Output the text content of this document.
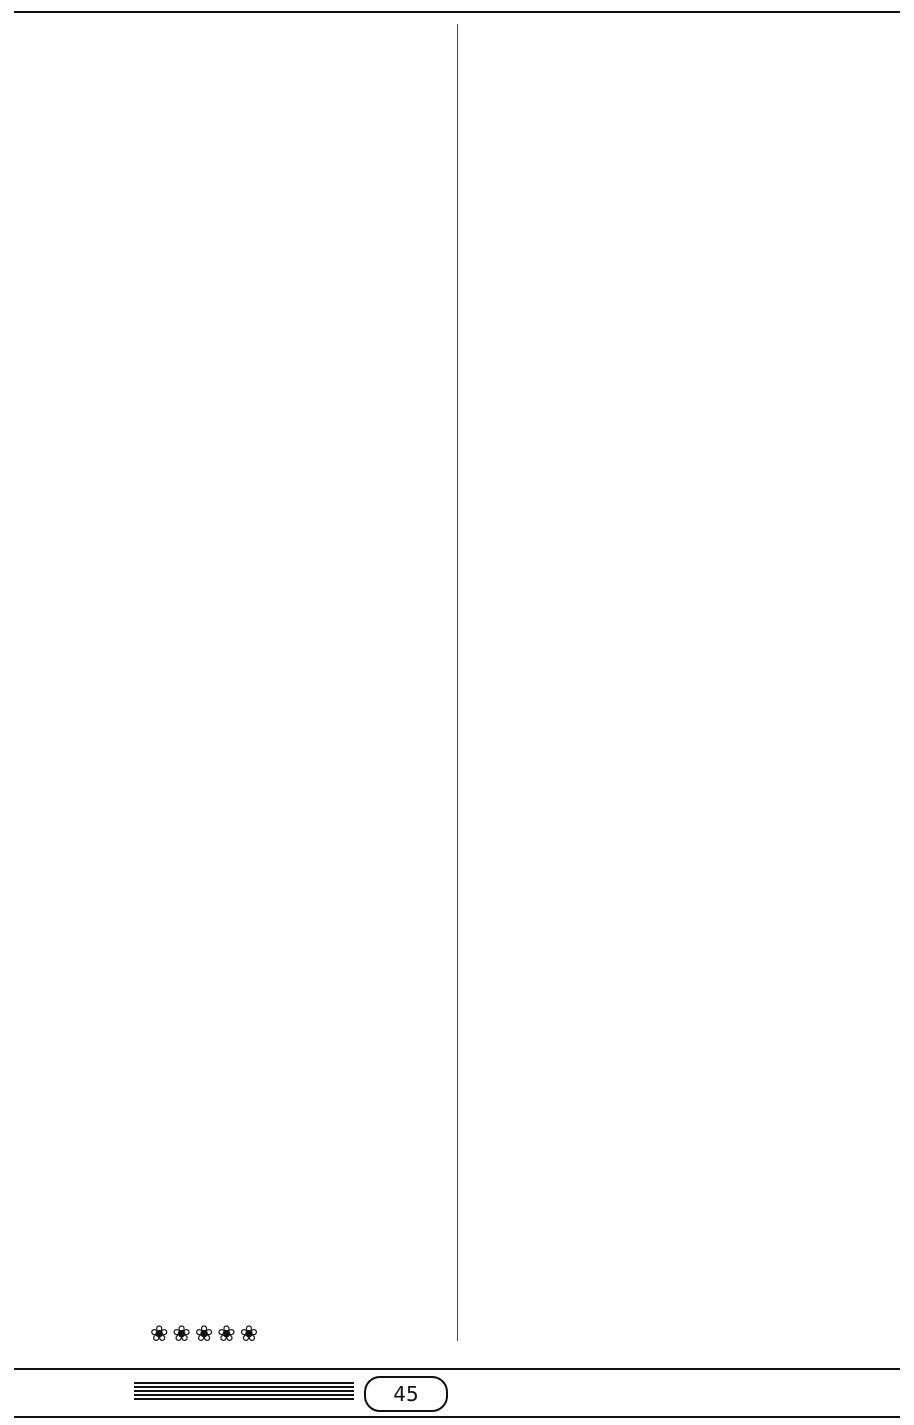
❀❀❀❀❀
45
